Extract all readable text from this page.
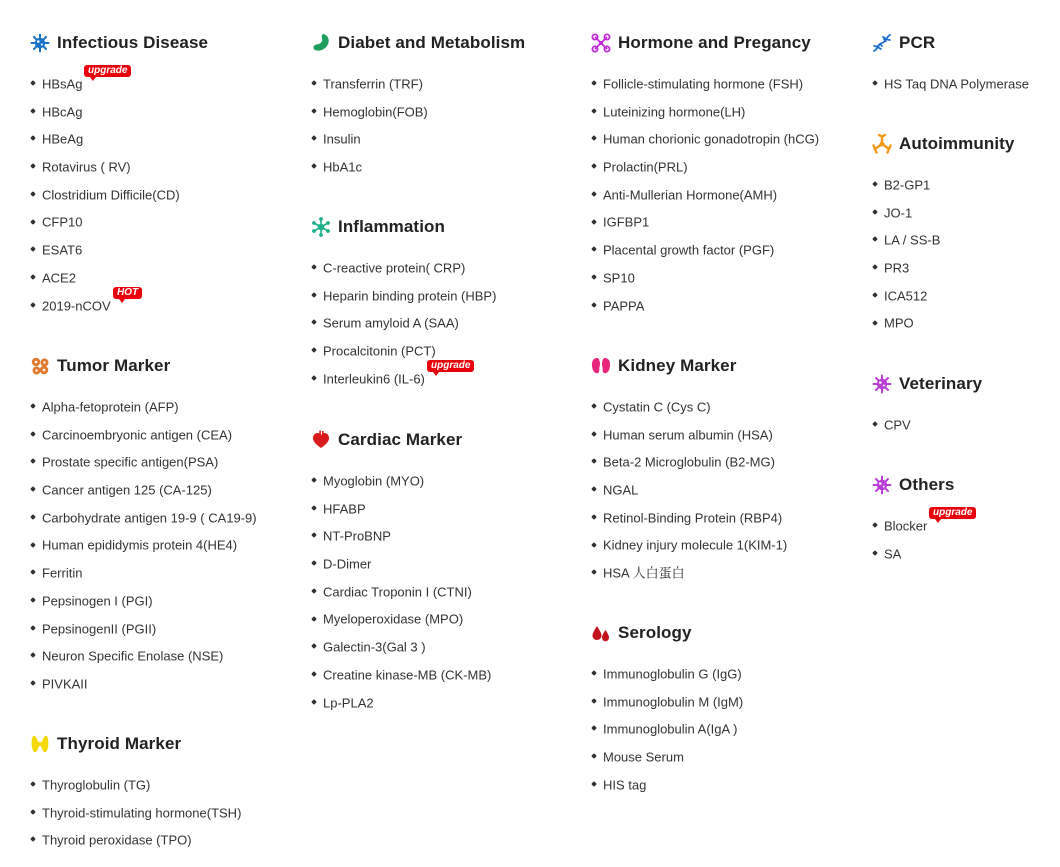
Infectious Disease
HBsAg
upgrade
HBcAg
HBeAg
Rotavirus ( RV)
Clostridium Difficile(CD)
CFP10
ESAT6
ACE2
2019-nCOV
HOT
Tumor Marker
Alpha-fetoprotein (AFP)
Carcinoembryonic antigen (CEA)
Prostate specific antigen(PSA)
Cancer antigen 125 (CA-125)
Carbohydrate antigen 19-9 ( CA19-9)
Human epididymis protein 4(HE4)
Ferritin
Pepsinogen I (PGI)
PepsinogenII (PGII)
Neuron Specific Enolase (NSE)
PIVKAII
Thyroid Marker
Thyroglobulin (TG)
Thyroid-stimulating hormone(TSH)
Thyroid peroxidase (TPO)
Diabet and Metabolism
Transferrin (TRF)
Hemoglobin(FOB)
Insulin
HbA1c
Inflammation
C-reactive protein( CRP)
Heparin binding protein (HBP)
Serum amyloid A (SAA)
Procalcitonin (PCT)
Interleukin6 (IL-6)
upgrade
Cardiac Marker
Myoglobin (MYO)
HFABP
NT-ProBNP
D-Dimer
Cardiac Troponin I (CTNI)
Myeloperoxidase (MPO)
Galectin-3(Gal 3 )
Creatine kinase-MB (CK-MB)
Lp-PLA2
Hormone and Pregancy
Follicle-stimulating hormone (FSH)
Luteinizing hormone(LH)
Human chorionic gonadotropin (hCG)
Prolactin(PRL)
Anti-Mullerian Hormone(AMH)
IGFBP1
Placental growth factor (PGF)
SP10
PAPPA
Kidney Marker
Cystatin C (Cys C)
Human serum albumin (HSA)
Beta-2 Microglobulin (B2-MG)
NGAL
Retinol-Binding Protein (RBP4)
Kidney injury molecule 1(KIM-1)
HSA 人白蛋白
Serology
Immunoglobulin G (IgG)
Immunoglobulin M (IgM)
Immunoglobulin A(IgA )
Mouse Serum
HIS tag
PCR
HS Taq DNA Polymerase
Autoimmunity
B2-GP1
JO-1
LA / SS-B
PR3
ICA512
MPO
Veterinary
CPV
Others
Blocker
upgrade
SA
